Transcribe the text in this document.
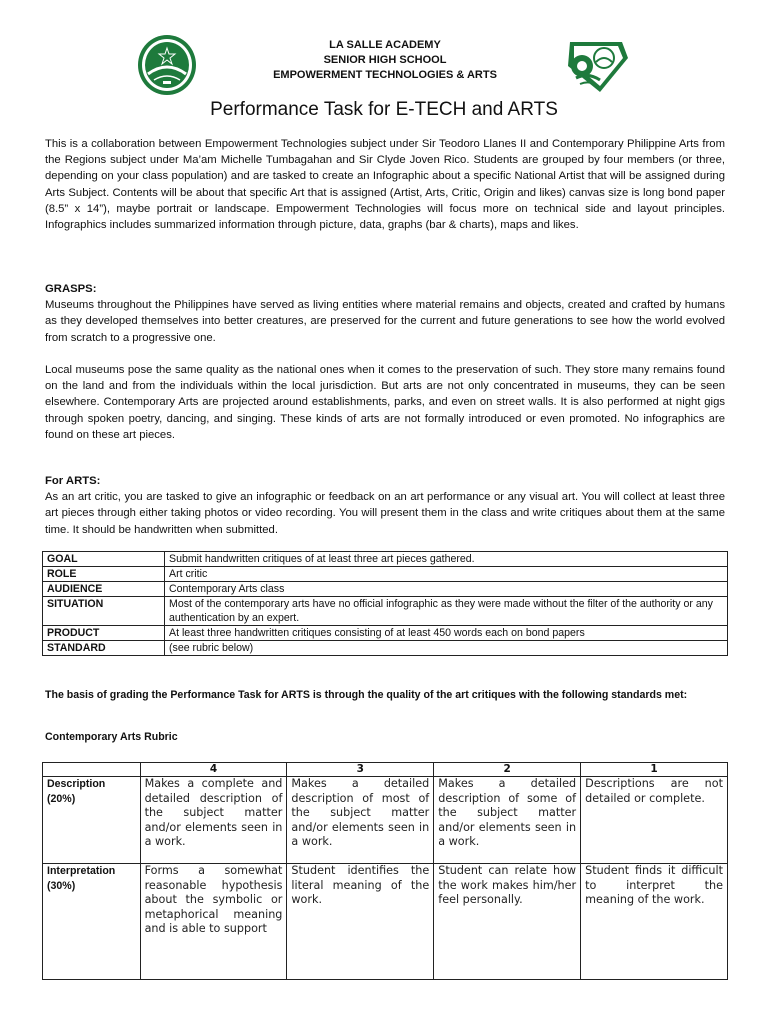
LA SALLE ACADEMY
SENIOR HIGH SCHOOL
EMPOWERMENT TECHNOLOGIES & ARTS
Performance Task for E-TECH and ARTS

This is a collaboration between Empowerment Technologies subject under Sir Teodoro Llanes II and Contemporary Philippine Arts from the Regions subject under Ma’am Michelle Tumbagahan and Sir Clyde Joven Rico. Students are grouped by four members (or three, depending on your class population) and are tasked to create an Infographic about a specific National Artist that will be assigned during Arts Subject. Contents will be about that specific Art that is assigned (Artist, Arts, Critic, Origin and likes) canvas size is long bond paper (8.5” x 14”), maybe portrait or landscape. Empowerment Technologies will focus more on technical side and layout principles. Infographics includes summarized information through picture, data, graphs (bar & charts), maps and likes.

GRASPS:
Museums throughout the Philippines have served as living entities where material remains and objects, created and crafted by humans as they developed themselves into better creatures, are preserved for the current and future generations to see how the world evolved from scratch to a progressive one.

Local museums pose the same quality as the national ones when it comes to the preservation of such. They store many remains found on the land and from the individuals within the local jurisdiction. But arts are not only concentrated in museums, they can be seen elsewhere. Contemporary Arts are projected around establishments, parks, and even on street walls. It is also performed at night gigs through spoken poetry, dancing, and singing. These kinds of arts are not formally introduced or even promoted. No infographics are found on these art pieces.

For ARTS:
As an art critic, you are tasked to give an infographic or feedback on an art performance or any visual art. You will collect at least three art pieces through either taking photos or video recording. You will present them in the class and write critiques about them at the same time. It should be handwritten when submitted.
GOAL	Submit handwritten critiques of at least three art pieces gathered.
ROLE	Art critic
AUDIENCE	Contemporary Arts class
SITUATION	Most of the contemporary arts have no official infographic as they were made without the filter of the authority or any authentication by an expert.
PRODUCT	At least three handwritten critiques consisting of at least 450 words each on bond papers
STANDARD	(see rubric below)

The basis of grading the Performance Task for ARTS is through the quality of the art critiques with the following standards met:

Contemporary Arts Rubric
	4	3	2	1
Description (20%)	Makes a complete and detailed description of the subject matter and/or elements seen in a work.	Makes a detailed description of most of the subject matter and/or elements seen in a work.	Makes a detailed description of some of the subject matter and/or elements seen in a work.	Descriptions are not detailed or complete.
Interpretation (30%)	Forms a somewhat reasonable hypothesis about the symbolic or metaphorical meaning and is able to support	Student identifies the literal meaning of the work.	Student can relate how the work makes him/her feel personally.	Student finds it difficult to interpret the meaning of the work.
